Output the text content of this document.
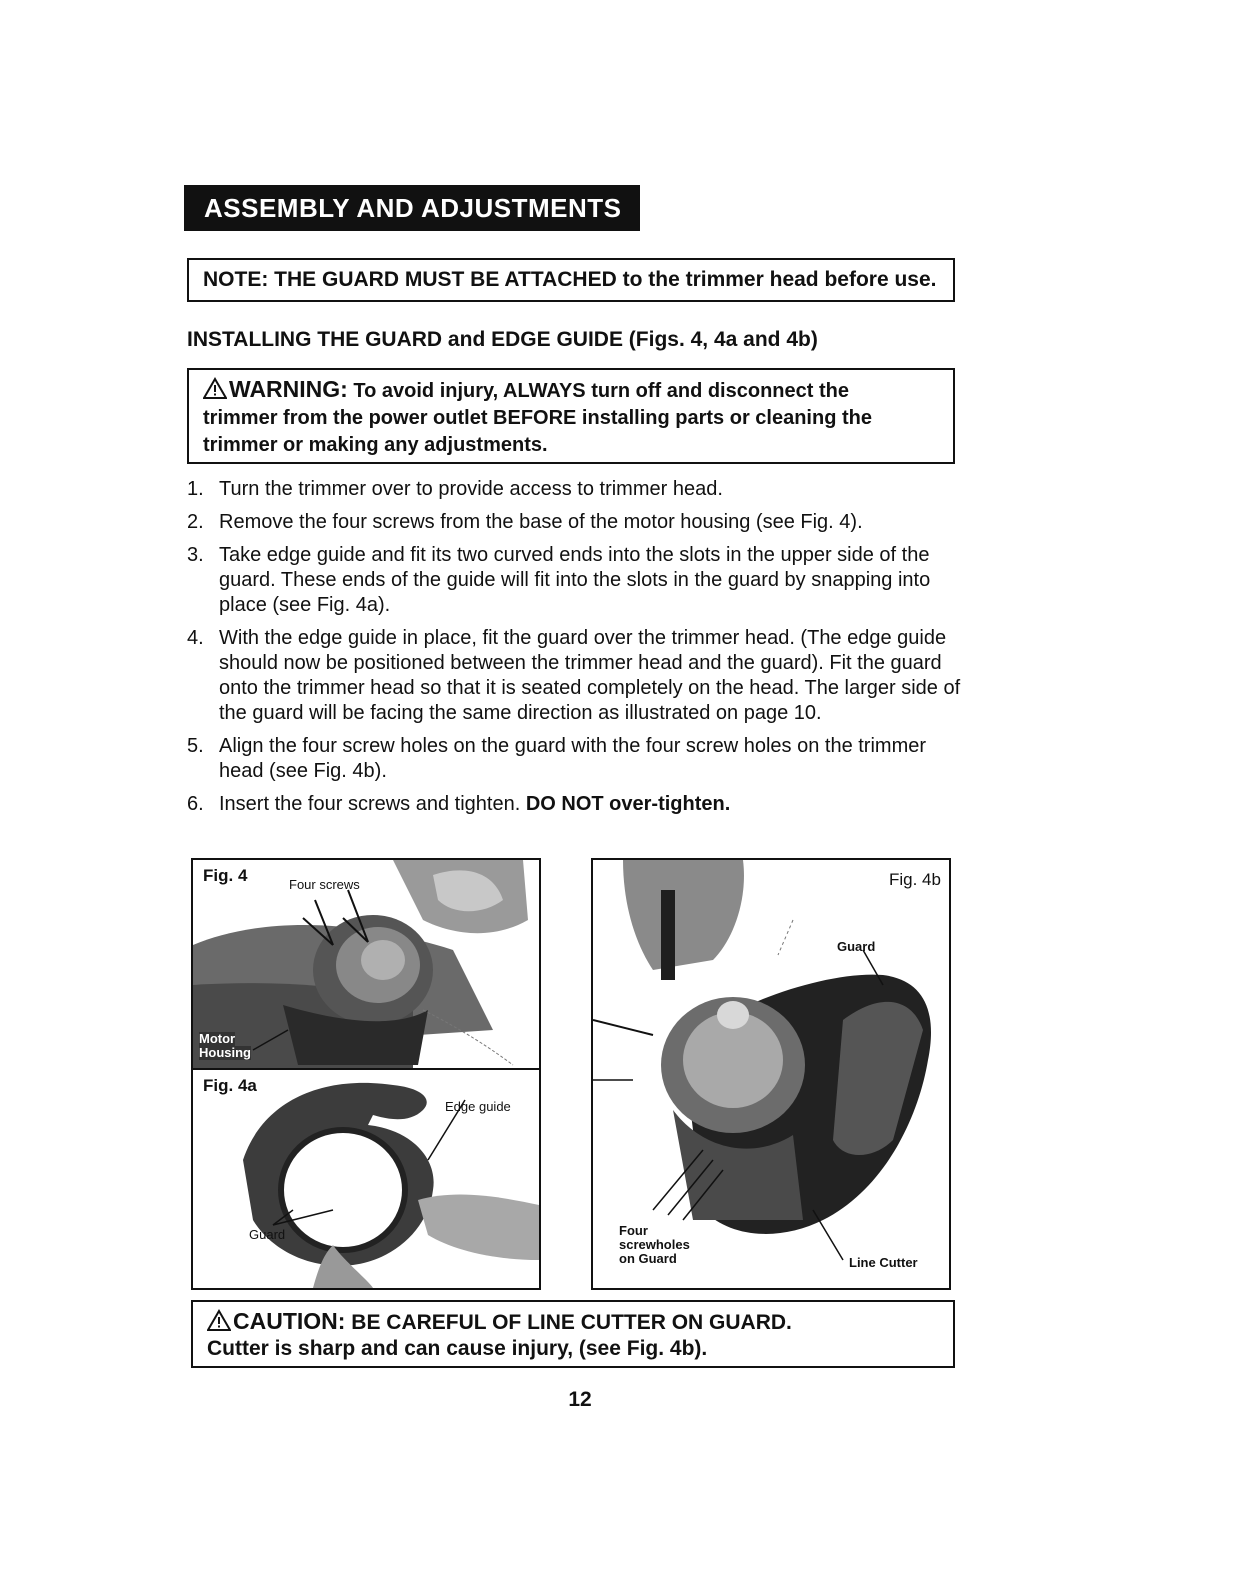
ASSEMBLY AND ADJUSTMENTS
NOTE: THE GUARD MUST BE ATTACHED to the trimmer head before use.
INSTALLING THE GUARD and EDGE GUIDE (Figs. 4, 4a and 4b)
WARNING: To avoid injury, ALWAYS turn off and disconnect the
trimmer from the power outlet BEFORE installing parts or cleaning the
trimmer or making any adjustments.
1. Turn the trimmer over to provide access to trimmer head.
2. Remove the four screws from the base of the motor housing (see Fig. 4).
3. Take edge guide and fit its two curved ends into the slots in the upper side of the guard. These ends of the guide will fit into the slots in the guard by snapping into place (see Fig. 4a).
4. With the edge guide in place, fit the guard over the trimmer head. (The edge guide should now be positioned between the trimmer head and the guard). Fit the guard onto the trimmer head so that it is seated completely on the head. The larger side of the guard will be facing the same direction as illustrated on page 10.
5. Align the four screw holes on the guard with the four screw holes on the trimmer head (see Fig. 4b).
6. Insert the four screws and tighten. DO NOT over-tighten.
Fig. 4	Four screws
Motor
Housing
Fig. 4a
Edge guide
Guard
Fig. 4b
Guard
Four
screwholes
on Guard	Line Cutter
CAUTION: BE CAREFUL OF LINE CUTTER ON GUARD.
Cutter is sharp and can cause injury, (see Fig. 4b).
12
